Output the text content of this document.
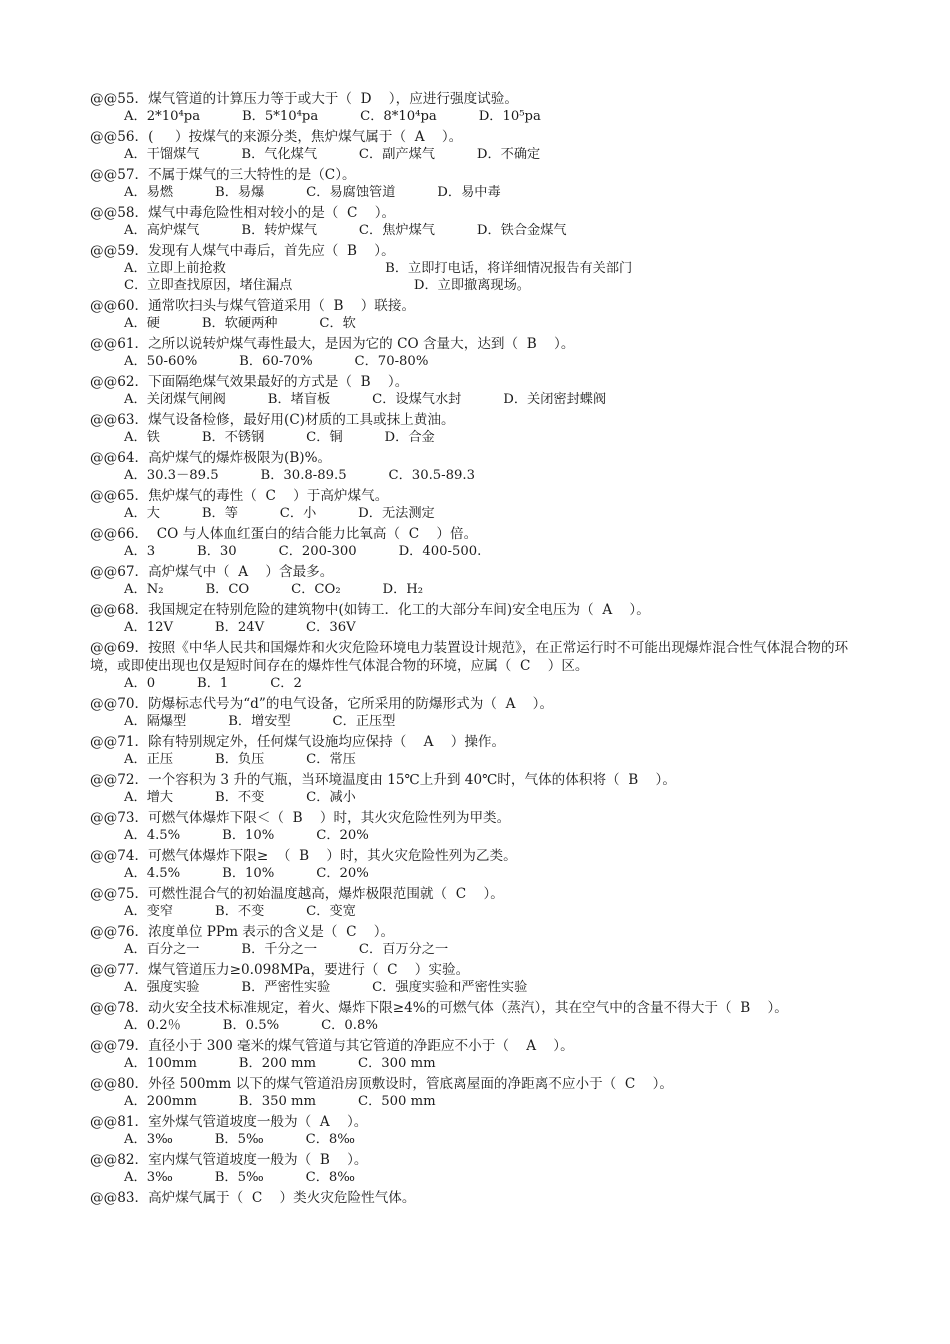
@@55．煤气管道的计算压力等于或大于（  D    ），应进行强度试验。
A．2*10⁴pa          B．5*10⁴pa          C．8*10⁴pa          D．10⁵pa
@@56．(     ）按煤气的来源分类，焦炉煤气属于（  A    ）。
A．干馏煤气          B．气化煤气          C．副产煤气          D．不确定
@@57．不属于煤气的三大特性的是（C）。
A．易燃          B．易爆          C．易腐蚀管道          D．易中毒
@@58．煤气中毒危险性相对较小的是（  C    ）。
A．高炉煤气          B．转炉煤气          C．焦炉煤气          D．铁合金煤气
@@59．发现有人煤气中毒后，首先应（  B    ）。
A．立即上前抢救                                      B．立即打电话，将详细情况报告有关部门
C．立即查找原因，堵住漏点                             D．立即撤离现场。
@@60．通常吹扫头与煤气管道采用（  B    ）联接。
A．硬          B．软硬两种          C．软
@@61．之所以说转炉煤气毒性最大，是因为它的 CO 含量大，达到（  B    ）。
A．50-60%          B．60-70%          C．70-80%
@@62．下面隔绝煤气效果最好的方式是（  B    ）。
A．关闭煤气闸阀          B．堵盲板          C．设煤气水封          D．关闭密封蝶阀
@@63．煤气设备检修，最好用(C)材质的工具或抹上黄油。
A．铁          B．不锈钢          C．铜          D．合金
@@64．高炉煤气的爆炸极限为(B)%。
A．30.3－89.5          B．30.8-89.5          C．30.5-89.3
@@65．焦炉煤气的毒性（  C    ）于高炉煤气。
A．大          B．等          C．小          D．无法测定
@@66．  CO 与人体血红蛋白的结合能力比氧高（  C    ）倍。
A．3          B．30          C．200-300          D．400-500.
@@67．高炉煤气中（  A    ）含最多。
A．N₂          B．CO          C．CO₂          D．H₂
@@68．我国规定在特别危险的建筑物中(如铸工．化工的大部分车间)安全电压为（  A    ）。
A．12V          B．24V          C．36V
@@69．按照《中华人民共和国爆炸和火灾危险环境电力装置设计规范》，在正常运行时不可能出现爆炸混合性气体混合物的环境，或即使出现也仅是短时间存在的爆炸性气体混合物的环境，应属（  C    ）区。
A．0          B．1          C．2
@@70．防爆标志代号为“d”的电气设备，它所采用的防爆形式为（  A    ）。
A．隔爆型          B．增安型          C．正压型
@@71．除有特别规定外，任何煤气设施均应保持（    A    ）操作。
A．正压          B．负压          C．常压
@@72．一个容积为 3 升的气瓶，当环境温度由 15℃上升到 40℃时，气体的体积将（  B    ）。
A．增大          B．不变          C．减小
@@73．可燃气体爆炸下限＜（  B    ）时，其火灾危险性列为甲类。
A．4.5%          B．10%          C．20%
@@74．可燃气体爆炸下限≥  （  B    ）时，其火灾危险性列为乙类。
A．4.5%          B．10%          C．20%
@@75．可燃性混合气的初始温度越高，爆炸极限范围就（  C    ）。
A．变窄          B．不变          C．变宽
@@76．浓度单位 PPm 表示的含义是（  C    ）。
A．百分之一          B．千分之一          C．百万分之一
@@77．煤气管道压力≥0.098MPa，要进行（  C    ）实验。
A．强度实验          B．严密性实验          C．强度实验和严密性实验
@@78．动火安全技术标准规定，着火、爆炸下限≥4%的可燃气体（蒸汽），其在空气中的含量不得大于（  B    ）。
A．0.2％          B．0.5%          C．0.8%
@@79．直径小于 300 毫米的煤气管道与其它管道的净距应不小于（    A    ）。
A．100mm          B．200 mm          C．300 mm
@@80．外径 500mm 以下的煤气管道沿房顶敷设时，管底离屋面的净距离不应小于（  C    ）。
A．200mm          B．350 mm          C．500 mm
@@81．室外煤气管道坡度一般为（  A    ）。
A．3‰          B．5‰          C．8‰
@@82．室内煤气管道坡度一般为（  B    ）。
A．3‰          B．5‰          C．8‰
@@83．高炉煤气属于（  C    ）类火灾危险性气体。
